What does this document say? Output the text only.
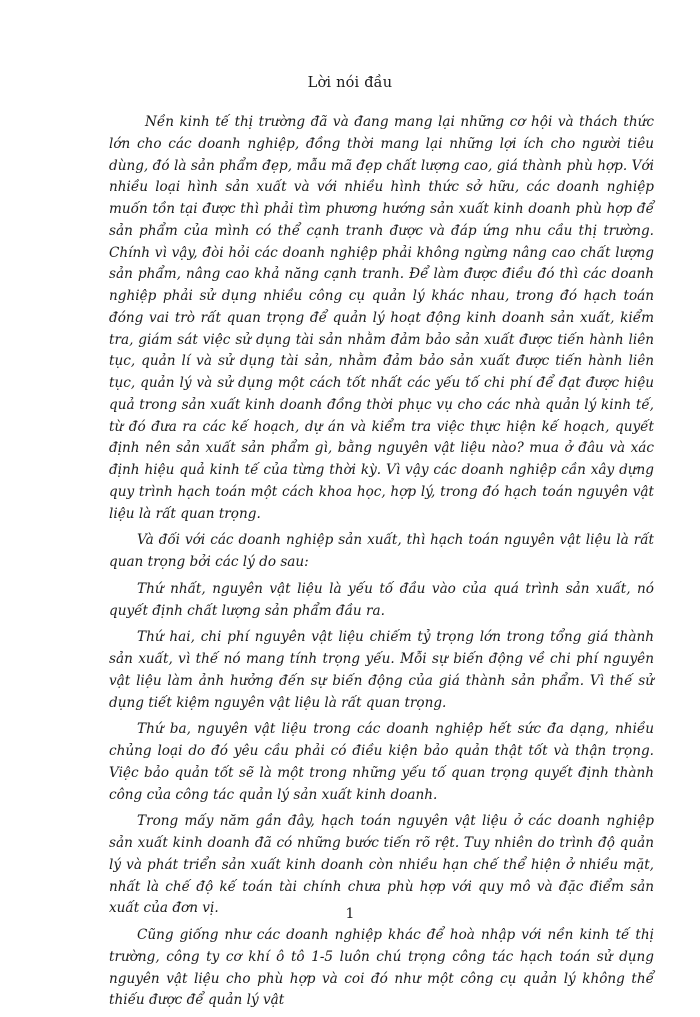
Lời nói đầu

Nền kinh tế thị trường đã và đang mang lại những cơ hội và thách thức lớn cho các doanh nghiệp, đồng thời mang lại những lợi ích cho người tiêu dùng, đó là sản phẩm đẹp, mẫu mã đẹp chất lượng cao, giá thành phù hợp. Với nhiều loại hình sản xuất và với nhiều hình thức sở hữu, các doanh nghiệp muốn tồn tại được thì phải tìm phương hướng sản xuất kinh doanh phù hợp để sản phẩm của mình có thể cạnh tranh được và đáp ứng nhu cầu thị trường. Chính vì vậy, đòi hỏi các doanh nghiệp phải không ngừng nâng cao chất lượng sản phẩm, nâng cao khả năng cạnh tranh. Để làm được điều đó thì các doanh nghiệp phải sử dụng nhiều công cụ quản lý khác nhau, trong đó hạch toán đóng vai trò rất quan trọng để quản lý hoạt động kinh doanh sản xuất, kiểm tra, giám sát việc sử dụng tài sản nhằm đảm bảo sản xuất được tiến hành liên tục, quản lí và sử dụng tài sản, nhằm đảm bảo sản xuất được tiến hành liên tục, quản lý và sử dụng một cách tốt nhất các yếu tố chi phí để đạt được hiệu quả trong sản xuất kinh doanh đồng thời phục vụ cho các nhà quản lý kinh tế, từ đó đưa ra các kế hoạch, dự án và kiểm tra việc thực hiện kế hoạch, quyết định nên sản xuất sản phẩm gì, bằng nguyên vật liệu nào? mua ở đâu và xác định hiệu quả kinh tế của từng thời kỳ. Vì vậy các doanh nghiệp cần xây dựng quy trình hạch toán một cách khoa học, hợp lý, trong đó hạch toán nguyên vật liệu là rất quan trọng.

Và đối với các doanh nghiệp sản xuất, thì hạch toán nguyên vật liệu là rất quan trọng bởi các lý do sau:

Thứ nhất, nguyên vật liệu là yếu tố đầu vào của quá trình sản xuất, nó quyết định chất lượng sản phẩm đầu ra.

Thứ hai, chi phí nguyên vật liệu chiếm tỷ trọng lớn trong tổng giá thành sản xuất, vì thế nó mang tính trọng yếu. Mỗi sự biến động về chi phí nguyên vật liệu làm ảnh hưởng đến sự biến động của giá thành sản phẩm. Vì thế sử dụng tiết kiệm nguyên vật liệu là rất quan trọng.

Thứ ba, nguyên vật liệu trong các doanh nghiệp hết sức đa dạng, nhiều chủng loại do đó yêu cầu phải có điều kiện bảo quản thật tốt và thận trọng. Việc bảo quản tốt sẽ là một trong những yếu tố quan trọng quyết định thành công của công tác quản lý sản xuất kinh doanh.

Trong mấy năm gần đây, hạch toán nguyên vật liệu ở các doanh nghiệp sản xuất kinh doanh đã có những bước tiến rõ rệt. Tuy nhiên do trình độ quản lý và phát triển sản xuất kinh doanh còn nhiều hạn chế thể hiện ở nhiều mặt, nhất là chế độ kế toán tài chính chưa phù hợp với quy mô và đặc điểm sản xuất của đơn vị.

Cũng giống như các doanh nghiệp khác để hoà nhập với nền kinh tế thị trường, công ty cơ khí ô tô 1-5 luôn chú trọng công tác hạch toán sử dụng nguyên vật liệu cho phù hợp và coi đó như một công cụ quản lý không thể thiếu được để quản lý vật

1
